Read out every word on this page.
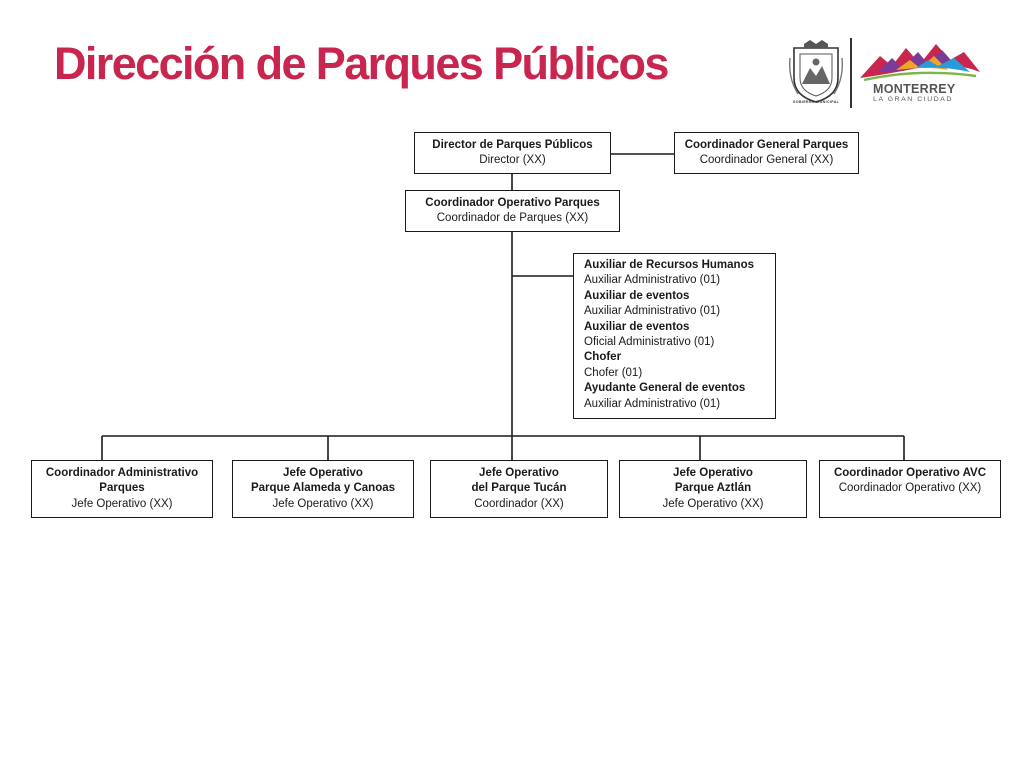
Dirección de Parques Públicos
GOBIERNO MUNICIPAL
MONTERREY
LA GRAN CIUDAD
Director de Parques Públicos
Director (XX)
Coordinador General Parques
Coordinador General (XX)
Coordinador Operativo Parques
Coordinador de Parques (XX)
Auxiliar de Recursos Humanos
Auxiliar Administrativo (01)
Auxiliar de eventos
Auxiliar Administrativo (01)
Auxiliar de eventos
Oficial Administrativo (01)
Chofer
Chofer (01)
Ayudante General de eventos
Auxiliar Administrativo (01)
Coordinador Administrativo
Parques
Jefe Operativo (XX)
Jefe Operativo
Parque Alameda y Canoas
Jefe Operativo (XX)
Jefe Operativo
del Parque Tucán
Coordinador (XX)
Jefe Operativo
Parque Aztlán
Jefe Operativo (XX)
Coordinador Operativo AVC
Coordinador Operativo (XX)
